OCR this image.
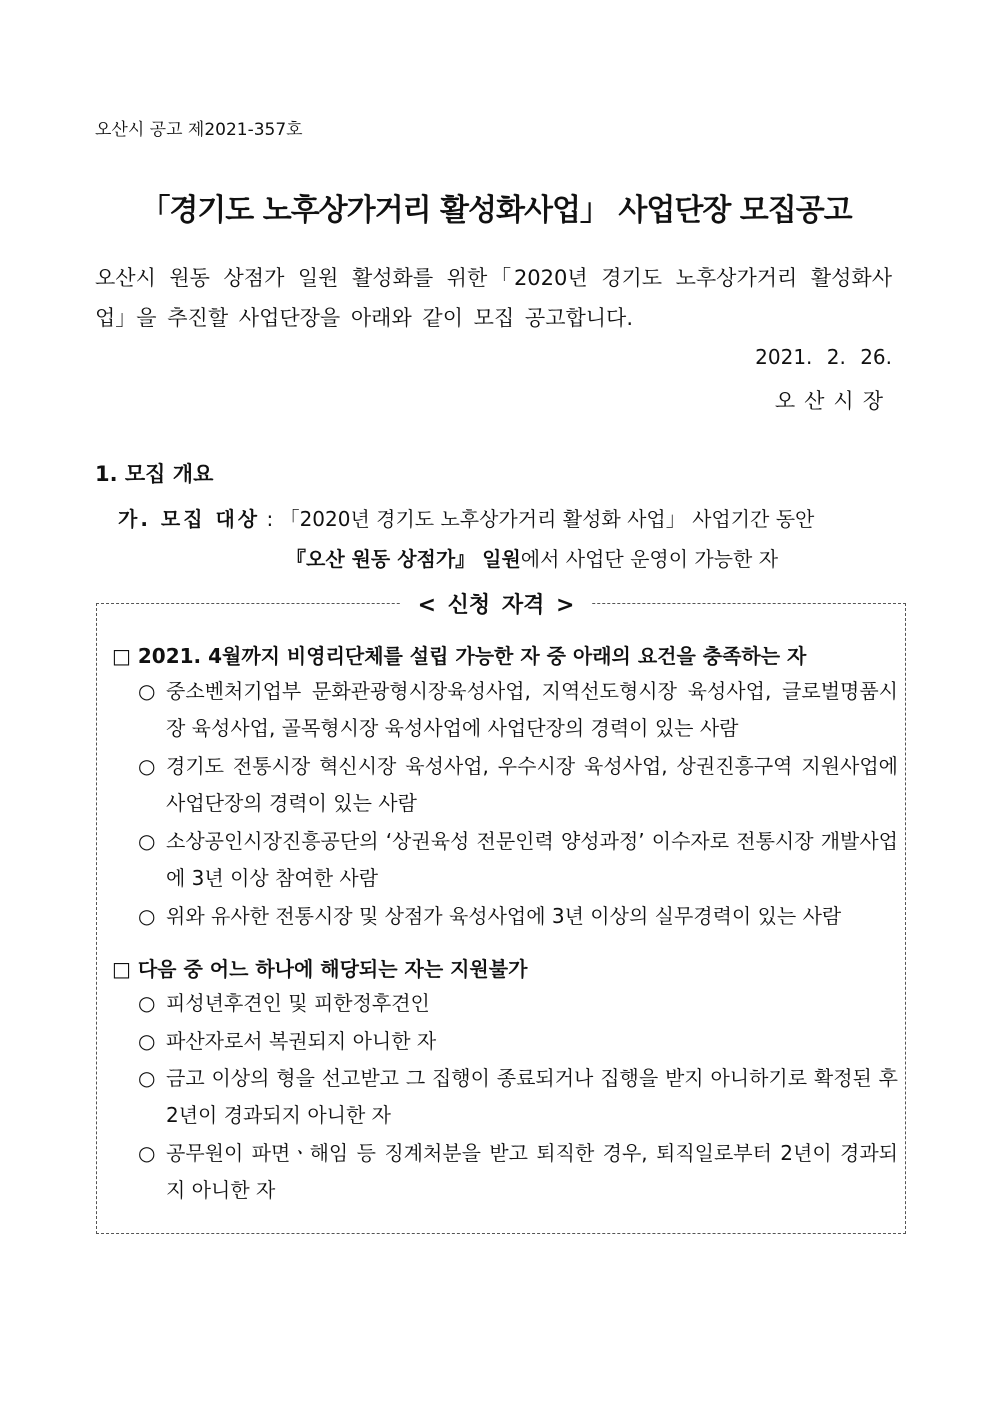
오산시 공고 제2021-357호
「경기도 노후상가거리 활성화사업」 사업단장 모집공고
오산시 원동 상점가 일원 활성화를 위한「2020년 경기도 노후상가거리 활성화사업」을 추진할 사업단장을 아래와 같이 모집 공고합니다.
2021. 2. 26.
오산시장
1. 모집 개요
가. 모집 대상 : 「2020년 경기도 노후상가거리 활성화 사업」 사업기간 동안
『오산 원동 상점가』 일원에서 사업단 운영이 가능한 자
< 신청 자격 >
□ 2021. 4월까지 비영리단체를 설립 가능한 자 중 아래의 요건을 충족하는 자
○ 중소벤처기업부 문화관광형시장육성사업, 지역선도형시장 육성사업, 글로벌명품시장 육성사업, 골목형시장 육성사업에 사업단장의 경력이 있는 사람
○ 경기도 전통시장 혁신시장 육성사업, 우수시장 육성사업, 상권진흥구역 지원사업에 사업단장의 경력이 있는 사람
○ 소상공인시장진흥공단의 ‘상권육성 전문인력 양성과정’ 이수자로 전통시장 개발사업에 3년 이상 참여한 사람
○ 위와 유사한 전통시장 및 상점가 육성사업에 3년 이상의 실무경력이 있는 사람
□ 다음 중 어느 하나에 해당되는 자는 지원불가
○ 피성년후견인 및 피한정후견인
○ 파산자로서 복권되지 아니한 자
○ 금고 이상의 형을 선고받고 그 집행이 종료되거나 집행을 받지 아니하기로 확정된 후 2년이 경과되지 아니한 자
○ 공무원이 파면ㆍ해임 등 징계처분을 받고 퇴직한 경우, 퇴직일로부터 2년이 경과되지 아니한 자
